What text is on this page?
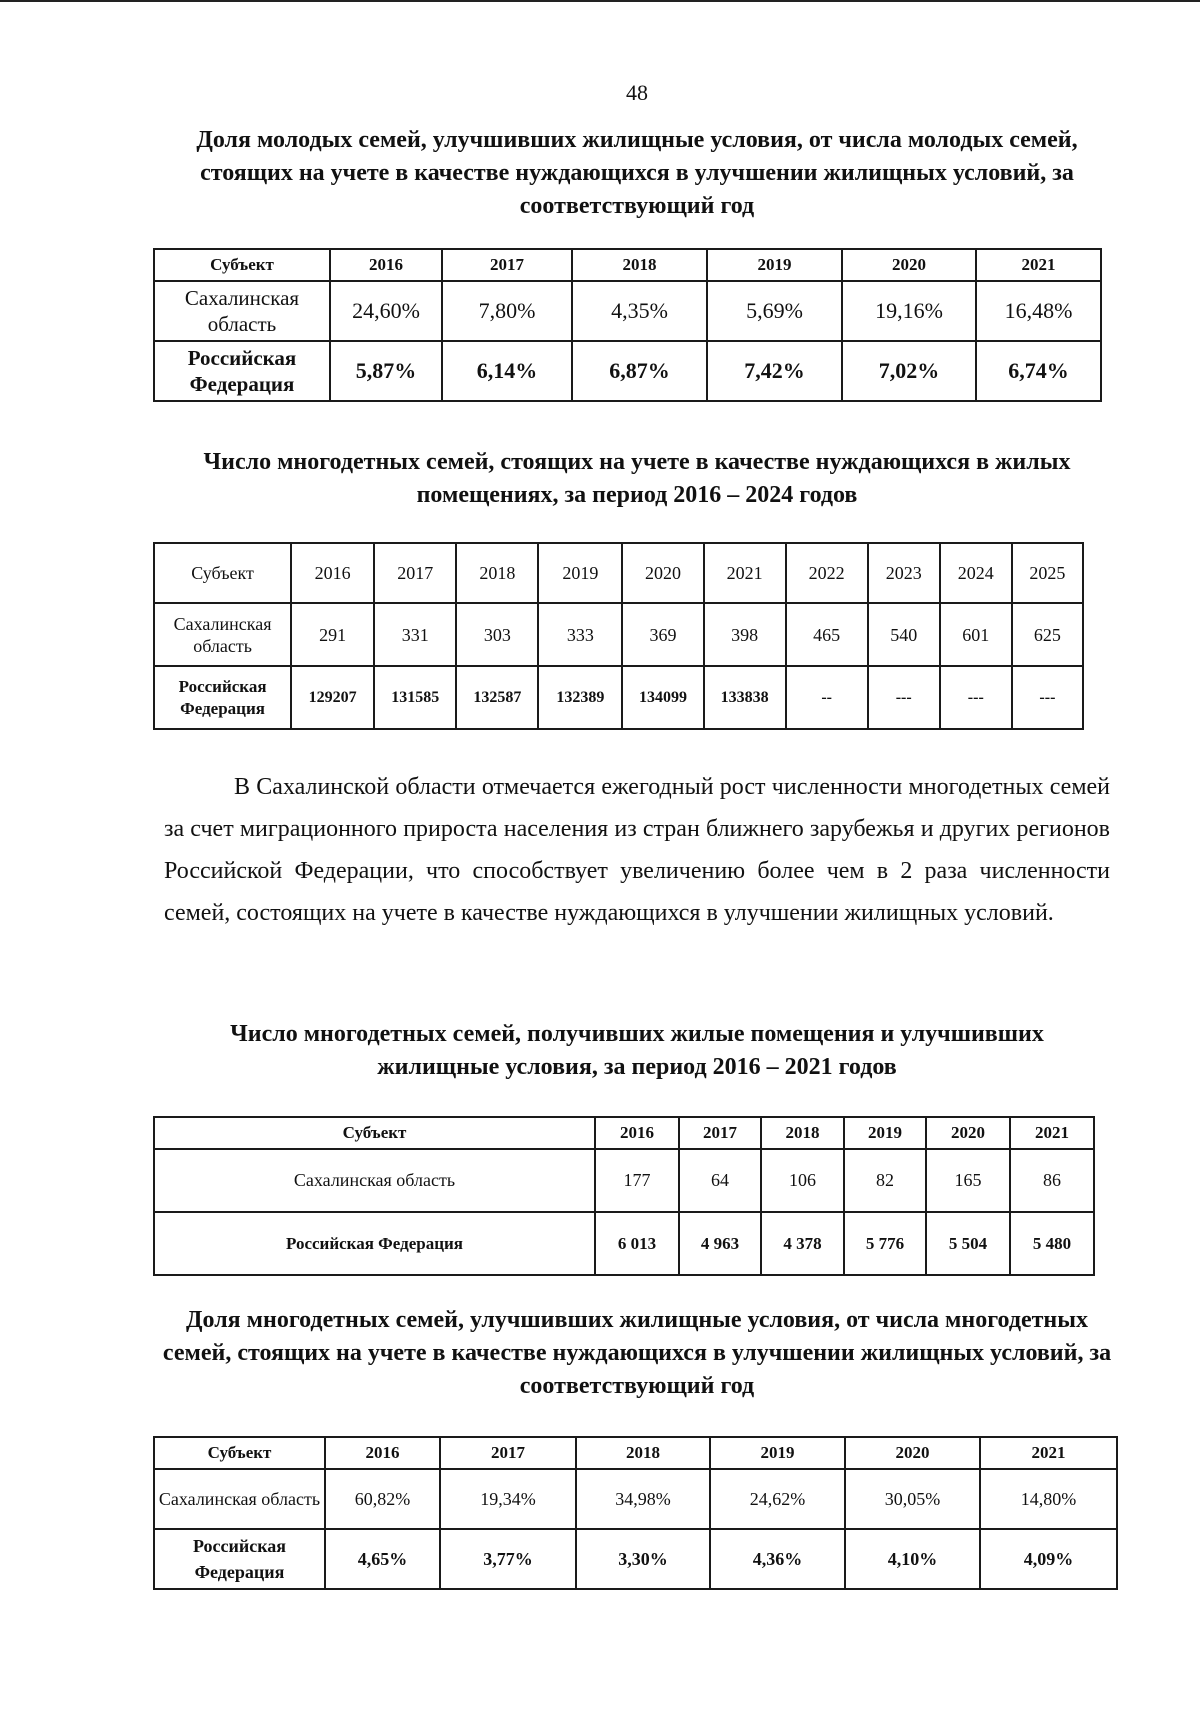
48

Доля молодых семей, улучшивших жилищные условия, от числа молодых семей, стоящих на учете в качестве нуждающихся в улучшении жилищных условий, за соответствующий год

Субъект	2016	2017	2018	2019	2020	2021
Сахалинская область	24,60%	7,80%	4,35%	5,69%	19,16%	16,48%
Российская Федерация	5,87%	6,14%	6,87%	7,42%	7,02%	6,74%

Число многодетных семей, стоящих на учете в качестве нуждающихся в жилых помещениях, за период 2016 – 2024 годов

Субъект	2016	2017	2018	2019	2020	2021	2022	2023	2024	2025
Сахалинская область	291	331	303	333	369	398	465	540	601	625
Российская Федерация	129207	131585	132587	132389	134099	133838	--	---	---	---

В Сахалинской области отмечается ежегодный рост численности многодетных семей за счет миграционного прироста населения из стран ближнего зарубежья и других регионов Российской Федерации, что способствует увеличению более чем в 2 раза численности семей, состоящих на учете в качестве нуждающихся в улучшении жилищных условий.

Число многодетных семей, получивших жилые помещения и улучшивших жилищные условия, за период 2016 – 2021 годов

Субъект	2016	2017	2018	2019	2020	2021
Сахалинская область	177	64	106	82	165	86
Российская Федерация	6 013	4 963	4 378	5 776	5 504	5 480

Доля многодетных семей, улучшивших жилищные условия, от числа многодетных семей, стоящих на учете в качестве нуждающихся в улучшении жилищных условий, за соответствующий год

Субъект	2016	2017	2018	2019	2020	2021
Сахалинская область	60,82%	19,34%	34,98%	24,62%	30,05%	14,80%
Российская Федерация	4,65%	3,77%	3,30%	4,36%	4,10%	4,09%
